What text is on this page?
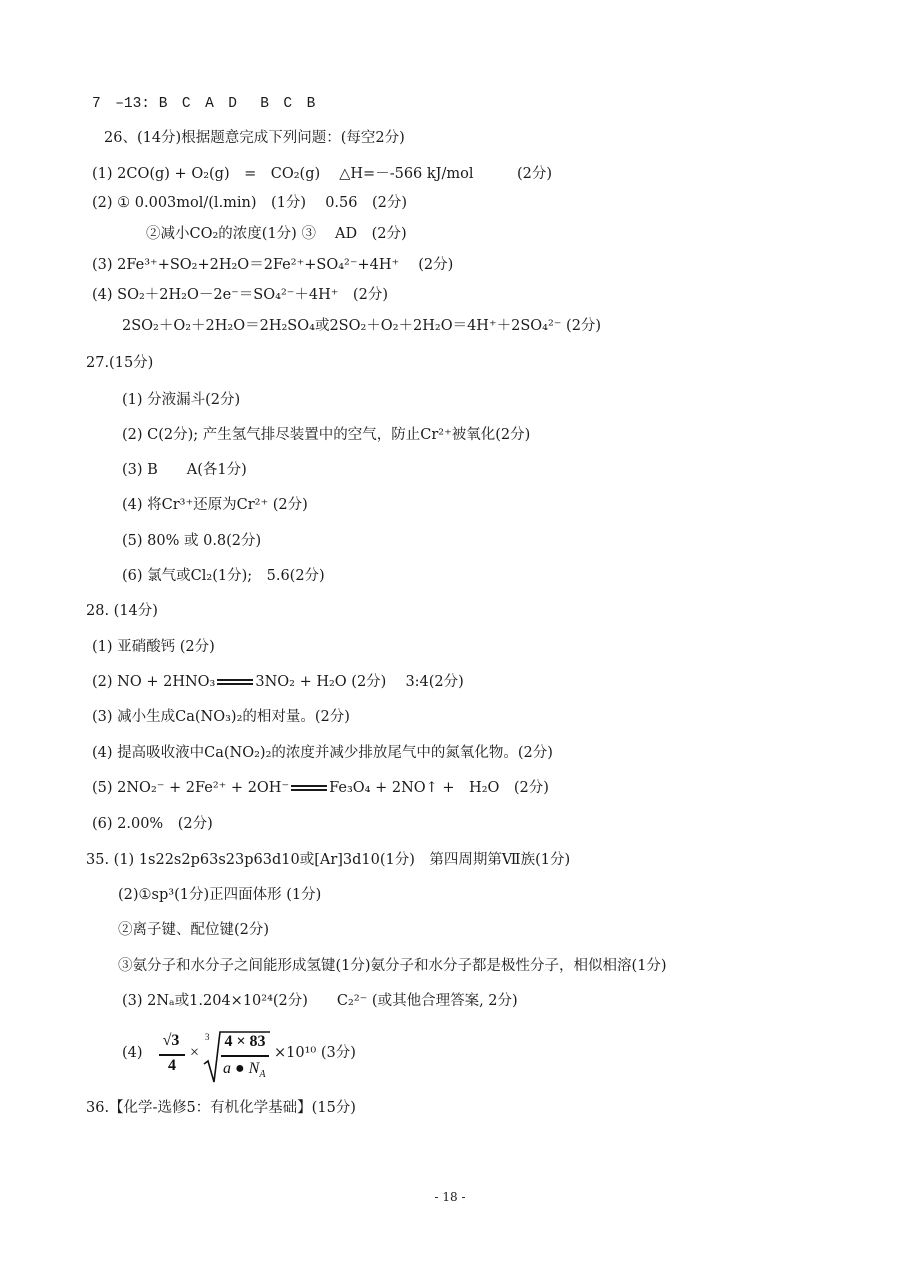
7　–13: B　C　A　D　 B　C　B
26、(14分)根据题意完成下列问题：(每空2分)
(1) 2CO(g) + O₂(g)　=　CO₂(g)　 △H=－-566 kJ/mol　　　(2分)
(2) ① 0.003mol/(l.min)　(1分)　 0.56　(2分)
②减小CO₂的浓度(1分) ③　 AD　(2分)
(3) 2Fe³⁺+SO₂+2H₂O＝2Fe²⁺+SO₄²⁻+4H⁺　 (2分)
(4) SO₂＋2H₂O－2e⁻＝SO₄²⁻＋4H⁺　(2分)
2SO₂＋O₂＋2H₂O＝2H₂SO₄或2SO₂＋O₂＋2H₂O＝4H⁺＋2SO₄²⁻ (2分)
27.(15分)
(1) 分液漏斗(2分)
(2) C(2分); 产生氢气排尽装置中的空气，防止Cr²⁺被氧化(2分)
(3) B　　A(各1分)
(4) 将Cr³⁺还原为Cr²⁺ (2分)
(5) 80% 或 0.8(2分)
(6) 氯气或Cl₂(1分);　5.6(2分)
28. (14分)
(1) 亚硝酸钙 (2分)
(2) NO + 2HNO₃	3NO₂ + H₂O (2分)　 3:4(2分)
(3) 减小生成Ca(NO₃)₂的相对量。(2分)
(4) 提高吸收液中Ca(NO₂)₂的浓度并减少排放尾气中的氮氧化物。(2分)
(5) 2NO₂⁻ + 2Fe²⁺ + 2OH⁻	Fe₃O₄ + 2NO↑ +　H₂O　(2分)
(6) 2.00%　(2分)
35. (1) 1s22s2p63s23p63d10或[Ar]3d10(1分)　第四周期第Ⅶ族(1分)
(2)①sp³(1分)正四面体形 (1分)
②离子键、配位键(2分)
③氨分子和水分子之间能形成氢键(1分)氨分子和水分子都是极性分子，相似相溶(1分)
(3) 2Nₐ或1.204×10²⁴(2分)　　C₂²⁻ (或其他合理答案, 2分)
(4)
√3
4
×
3 4 × 83
a ● $N_A$
×10¹⁰ (3分)
36.【化学-选修5：有机化学基础】(15分)
- 18 -
